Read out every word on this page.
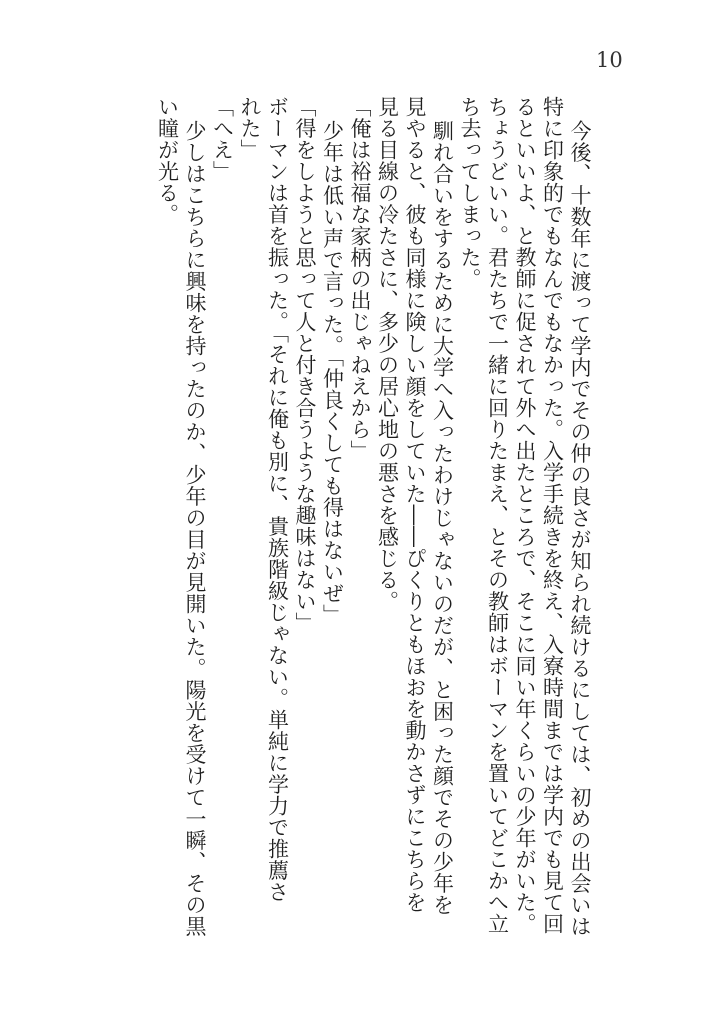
10
今後、十数年に渡って学内でその仲の良さが知られ続けるにしては、初めの出会いは
特に印象的でもなんでもなかった。入学手続きを終え、入寮時間までは学内でも見て回
るといいよ、と教師に促されて外へ出たところで、そこに同い年くらいの少年がいた。
ちょうどいい。君たちで一緒に回りたまえ、とその教師はボーマンを置いてどこかへ立
ち去ってしまった。
馴れ合いをするために大学へ入ったわけじゃないのだが、と困った顔でその少年を
見やると、彼も同様に険しい顔をしていた――ぴくりともほおを動かさずにこちらを
見る目線の冷たさに、多少の居心地の悪さを感じる。
「俺は裕福な家柄の出じゃねえから」
少年は低い声で言った。「仲良くしても得はないぜ」
「得をしようと思って人と付き合うような趣味はない」
ボーマンは首を振った。「それに俺も別に、貴族階級じゃない。単純に学力で推薦さ
れた」
「へえ」
少しはこちらに興味を持ったのか、少年の目が見開いた。陽光を受けて一瞬、その黒
い瞳が光る。
